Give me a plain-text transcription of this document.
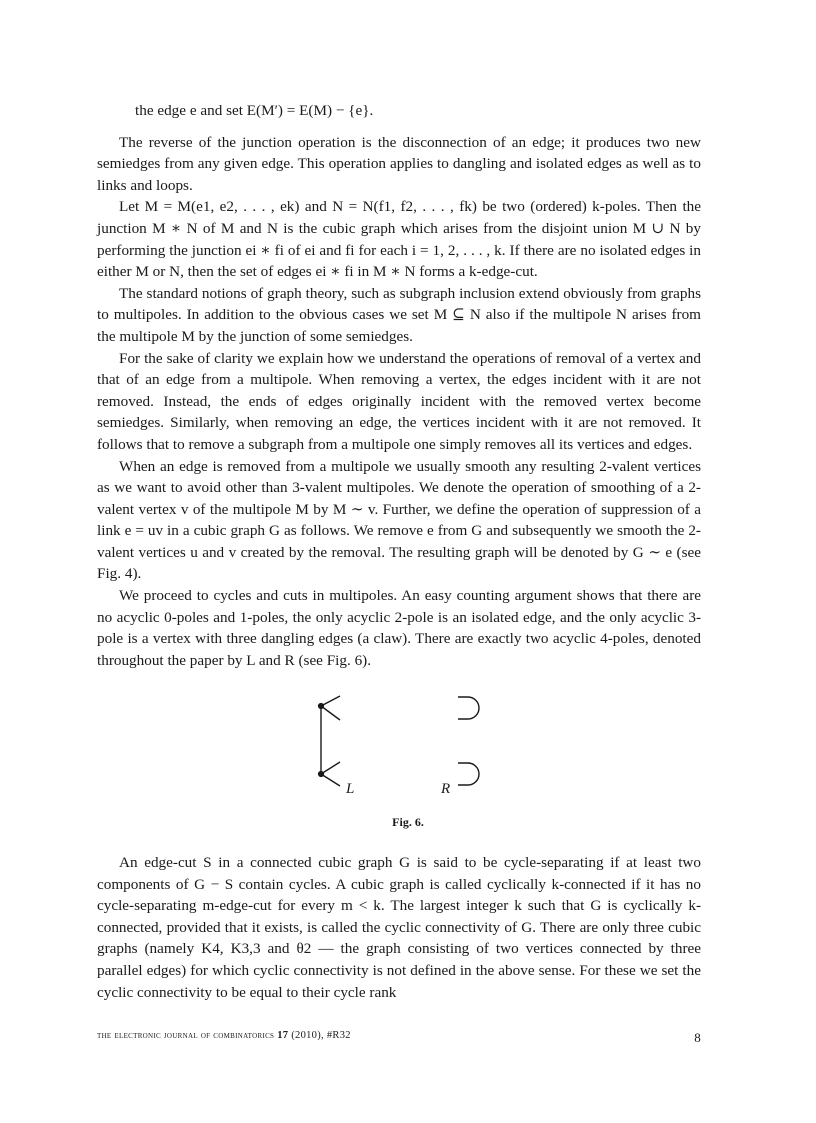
the edge e and set E(M′) = E(M) − {e}.

The reverse of the junction operation is the disconnection of an edge; it produces two new semiedges from any given edge. This operation applies to dangling and isolated edges as well as to links and loops.

Let M = M(e1, e2, . . . , ek) and N = N(f1, f2, . . . , fk) be two (ordered) k-poles. Then the junction M ∗ N of M and N is the cubic graph which arises from the disjoint union M ∪ N by performing the junction ei ∗ fi of ei and fi for each i = 1, 2, . . . , k. If there are no isolated edges in either M or N, then the set of edges ei ∗ fi in M ∗ N forms a k-edge-cut.

The standard notions of graph theory, such as subgraph inclusion extend obviously from graphs to multipoles. In addition to the obvious cases we set M ⊆ N also if the multipole N arises from the multipole M by the junction of some semiedges.

For the sake of clarity we explain how we understand the operations of removal of a vertex and that of an edge from a multipole. When removing a vertex, the edges incident with it are not removed. Instead, the ends of edges originally incident with the removed vertex become semiedges. Similarly, when removing an edge, the vertices incident with it are not removed. It follows that to remove a subgraph from a multipole one simply removes all its vertices and edges.

When an edge is removed from a multipole we usually smooth any resulting 2-valent vertices as we want to avoid other than 3-valent multipoles. We denote the operation of smoothing of a 2-valent vertex v of the multipole M by M ∼ v. Further, we define the operation of suppression of a link e = uv in a cubic graph G as follows. We remove e from G and subsequently we smooth the 2-valent vertices u and v created by the removal. The resulting graph will be denoted by G ∼ e (see Fig. 4).

We proceed to cycles and cuts in multipoles. An easy counting argument shows that there are no acyclic 0-poles and 1-poles, the only acyclic 2-pole is an isolated edge, and the only acyclic 3-pole is a vertex with three dangling edges (a claw). There are exactly two acyclic 4-poles, denoted throughout the paper by L and R (see Fig. 6).

L	R
Fig. 6.

An edge-cut S in a connected cubic graph G is said to be cycle-separating if at least two components of G − S contain cycles. A cubic graph is called cyclically k-connected if it has no cycle-separating m-edge-cut for every m < k. The largest integer k such that G is cyclically k-connected, provided that it exists, is called the cyclic connectivity of G. There are only three cubic graphs (namely K4, K3,3 and θ2 — the graph consisting of two vertices connected by three parallel edges) for which cyclic connectivity is not defined in the above sense. For these we set the cyclic connectivity to be equal to their cycle rank

the electronic journal of combinatorics 17 (2010), #R32	8
